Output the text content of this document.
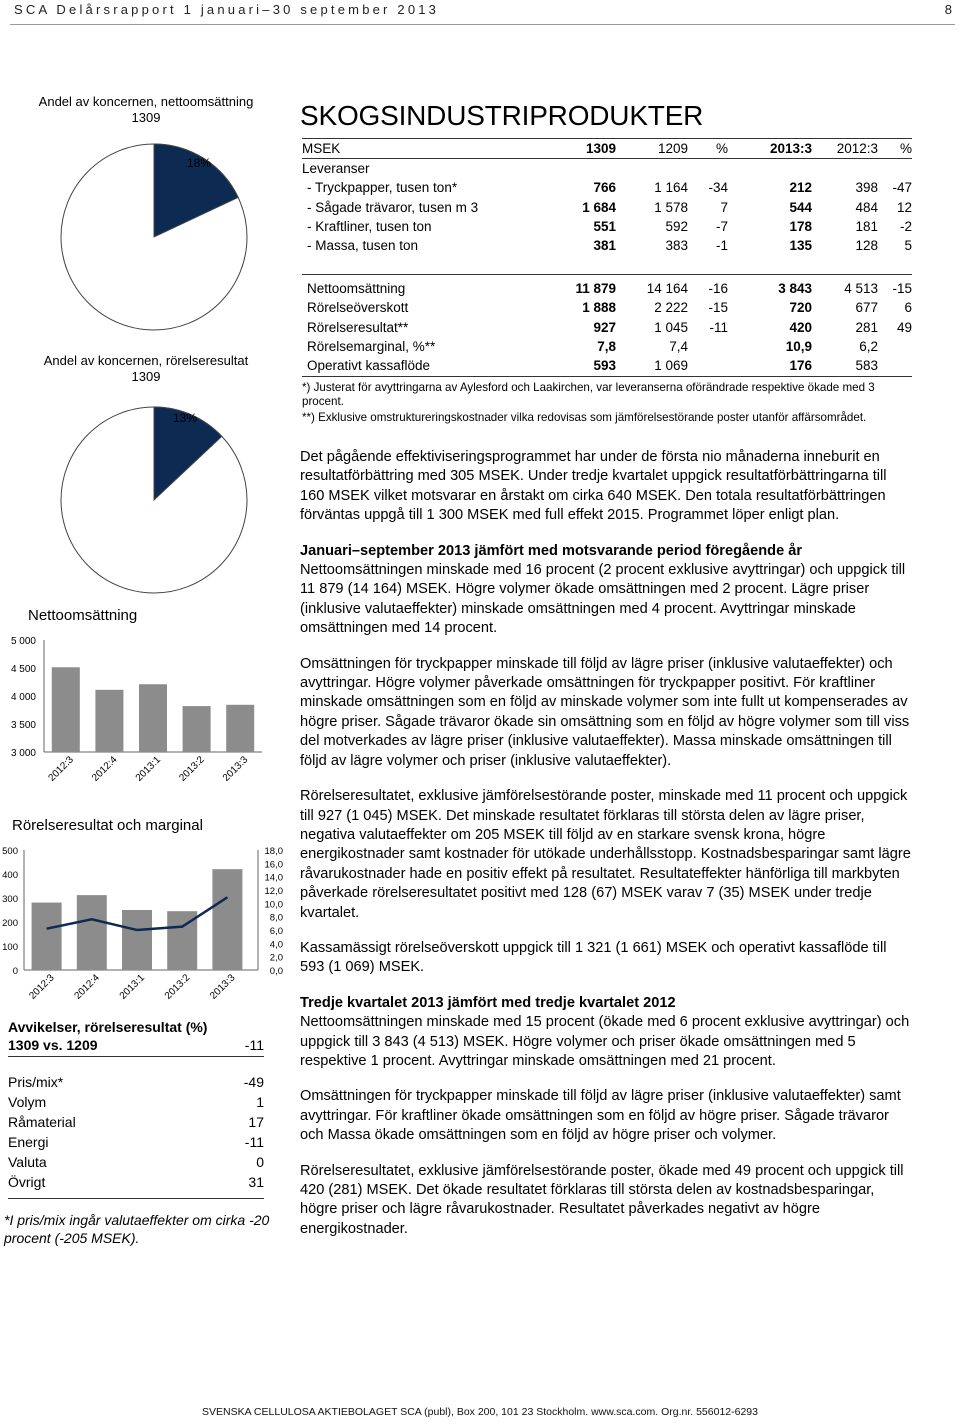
SCA Delårsrapport 1 januari–30 september 2013	8
Andel av koncernen, nettoomsättning
1309
18%
Andel av koncernen, rörelseresultat
1309
13%
SKOGSINDUSTRIPRODUKTER
MSEK	1309	1209	%	2013:3	2012:3	%
Leveranser						
- Tryckpapper, tusen ton*	766	1 164	-34	212	398	-47
- Sågade trävaror, tusen m 3	1 684	1 578	7	544	484	12
- Kraftliner, tusen ton	551	592	-7	178	181	-2
- Massa, tusen ton	381	383	-1	135	128	5
Nettoomsättning	11 879	14 164	-16	3 843	4 513	-15
Rörelseöverskott	1 888	2 222	-15	720	677	6
Rörelseresultat**	927	1 045	-11	420	281	49
Rörelsemarginal, %**	7,8	7,4		10,9	6,2	
Operativt kassaflöde	593	1 069		176	583	
*) Justerat för avyttringarna av Aylesford och Laakirchen, var leveranserna oförändrade respektive ökade med 3 procent.
**) Exklusive omstruktureringskostnader vilka redovisas som jämförelsestörande poster utanför affärsområdet.
Det pågående effektiviseringsprogrammet har under de första nio månaderna inneburit en resultatförbättring med 305 MSEK. Under tredje kvartalet uppgick resultatförbättringarna till 160 MSEK vilket motsvarar en årstakt om cirka 640 MSEK. Den totala resultatförbättringen förväntas uppgå till 1 300 MSEK med full effekt 2015. Programmet löper enligt plan.
Januari–september 2013 jämfört med motsvarande period föregående år
Nettoomsättningen minskade med 16 procent (2 procent exklusive avyttringar) och uppgick till 11 879 (14 164) MSEK. Högre volymer ökade omsättningen med 2 procent. Lägre priser (inklusive valutaeffekter) minskade omsättningen med 4 procent. Avyttringar minskade omsättningen med 14 procent.
Omsättningen för tryckpapper minskade till följd av lägre priser (inklusive valutaeffekter) och avyttringar. Högre volymer påverkade omsättningen för tryckpapper positivt. För kraftliner minskade omsättningen som en följd av minskade volymer som inte fullt ut kompenserades av högre priser. Sågade trävaror ökade sin omsättning som en följd av högre volymer som till viss del motverkades av lägre priser (inklusive valutaeffekter). Massa minskade omsättningen till följd av lägre volymer och priser (inklusive valutaeffekter).
Rörelseresultatet, exklusive jämförelsestörande poster, minskade med 11 procent och uppgick till 927 (1 045) MSEK. Det minskade resultatet förklaras till största delen av lägre priser, negativa valutaeffekter om 205 MSEK till följd av en starkare svensk krona, högre energikostnader samt kostnader för utökade underhållsstopp. Kostnadsbesparingar samt lägre råvarukostnader hade en positiv effekt på resultatet. Resultateffekter hänförliga till markbyten påverkade rörelseresultatet positivt med 128 (67) MSEK varav 7 (35) MSEK under tredje kvartalet.
Kassamässigt rörelseöverskott uppgick till 1 321 (1 661) MSEK och operativt kassaflöde till 593 (1 069) MSEK.
Tredje kvartalet 2013 jämfört med tredje kvartalet 2012
Nettoomsättningen minskade med 15 procent (ökade med 6 procent exklusive avyttringar) och uppgick till 3 843 (4 513) MSEK. Högre volymer och priser ökade omsättningen med 5 respektive 1 procent. Avyttringar minskade omsättningen med 21 procent.
Omsättningen för tryckpapper minskade till följd av lägre priser (inklusive valutaeffekter) samt avyttringar. För kraftliner ökade omsättningen som en följd av högre priser. Sågade trävaror och Massa ökade omsättningen som en följd av högre priser och volymer.
Rörelseresultatet, exklusive jämförelsestörande poster, ökade med 49 procent och uppgick till 420 (281) MSEK. Det ökade resultatet förklaras till största delen av kostnadsbesparingar, högre priser och lägre råvarukostnader. Resultatet påverkades negativt av högre energikostnader.
Nettoomsättning
5 000
4 500
4 000
3 500
3 000
2012:3 2012:4 2013:1 2013:2 2013:3
Rörelseresultat och marginal
500
400
300
200
100
0
18,0
16,0
14,0
12,0
10,0
8,0
6,0
4,0
2,0
0,0
2012:3 2012:4 2013:1 2013:2 2013:3
Avvikelser, rörelseresultat (%)
1309 vs. 1209	-11
Pris/mix*	-49
Volym	1
Råmaterial	17
Energi	-11
Valuta	0
Övrigt	31
*I pris/mix ingår valutaeffekter om cirka -20 procent (-205 MSEK).
SVENSKA CELLULOSA AKTIEBOLAGET SCA (publ), Box 200, 101 23 Stockholm. www.sca.com. Org.nr. 556012-6293
